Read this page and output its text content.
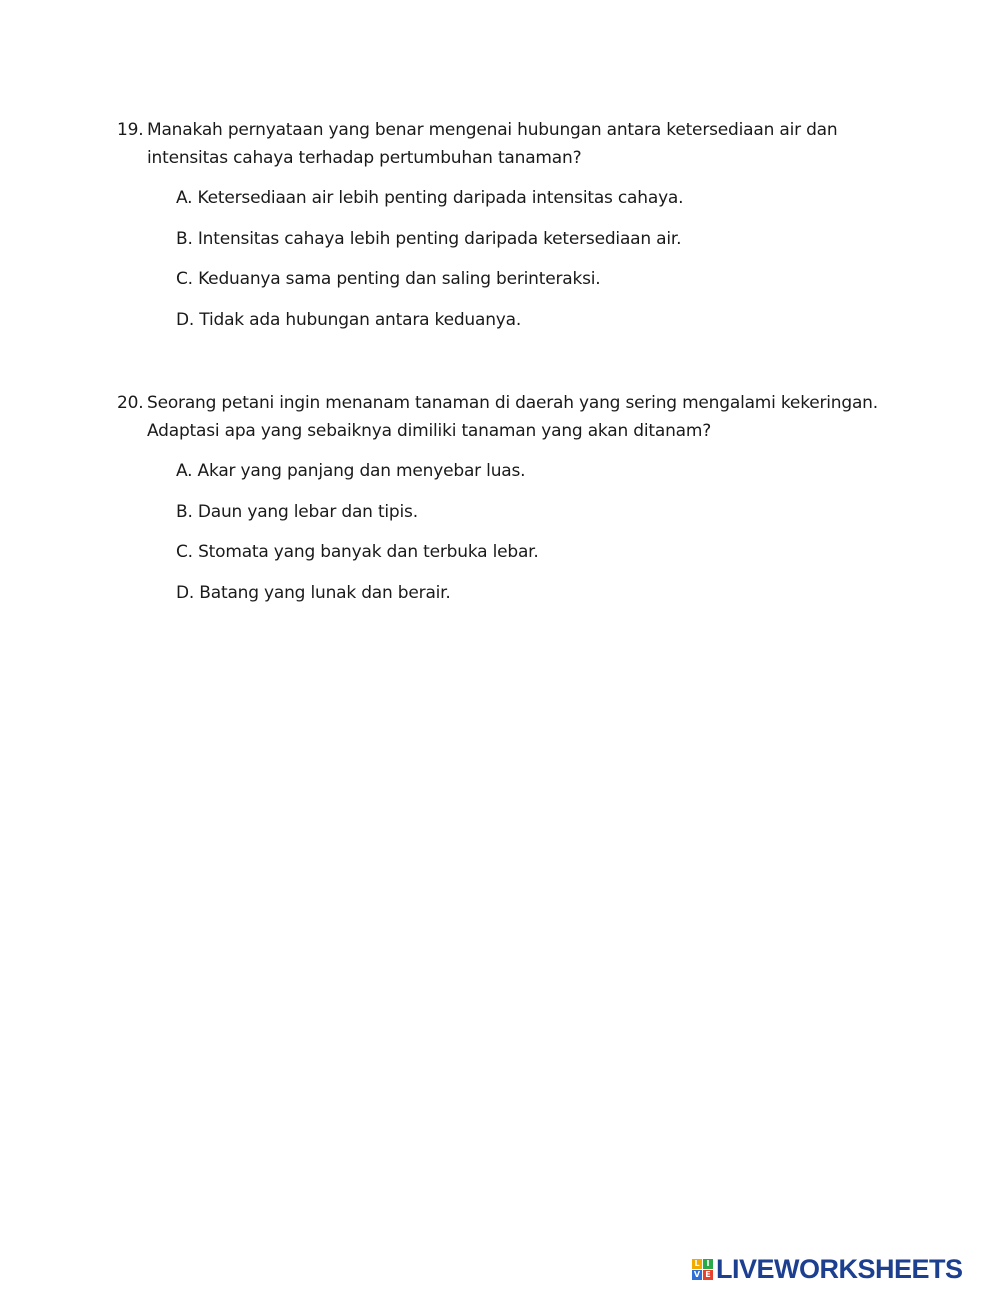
19. Manakah pernyataan yang benar mengenai hubungan antara ketersediaan air dan intensitas cahaya terhadap pertumbuhan tanaman?
A. Ketersediaan air lebih penting daripada intensitas cahaya.
B. Intensitas cahaya lebih penting daripada ketersediaan air.
C. Keduanya sama penting dan saling berinteraksi.
D. Tidak ada hubungan antara keduanya.
20. Seorang petani ingin menanam tanaman di daerah yang sering mengalami kekeringan. Adaptasi apa yang sebaiknya dimiliki tanaman yang akan ditanam?
A. Akar yang panjang dan menyebar luas.
B. Daun yang lebar dan tipis.
C. Stomata yang banyak dan terbuka lebar.
D. Batang yang lunak dan berair.
L I
V E LIVEWORKSHEETS
